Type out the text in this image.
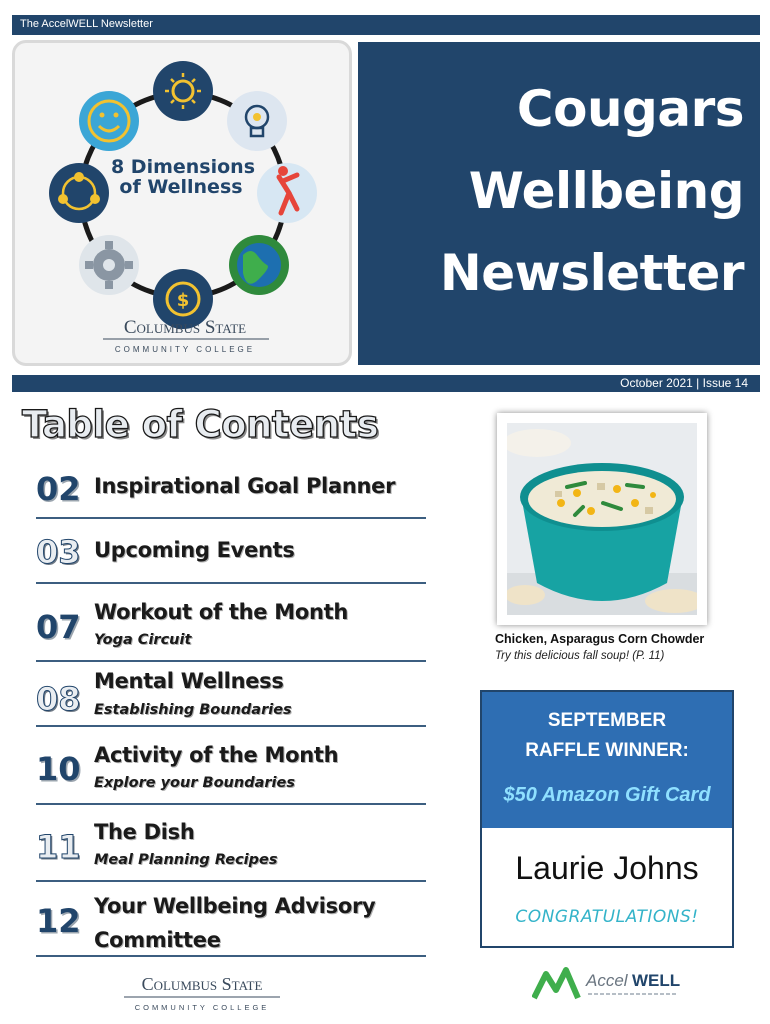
The AccelWELL Newsletter
$
8 Dimensions
of Wellness
Columbus State
COMMUNITY COLLEGE
Cougars
Wellbeing
Newsletter
October 2021 | Issue 14
Table of Contents
02 Inspirational Goal Planner
03 Upcoming Events
07 Workout of the Month
Yoga Circuit
08 Mental Wellness
Establishing Boundaries
10 Activity of the Month
Explore your Boundaries
11 The Dish
Meal Planning Recipes
12 Your Wellbeing Advisory
Committee
Chicken, Asparagus Corn Chowder
Try this delicious fall soup! (P. 11)
SEPTEMBER
RAFFLE WINNER:
$50 Amazon Gift Card
Laurie Johns
CONGRATULATIONS!
Columbus State
COMMUNITY COLLEGE
Accel WELL
